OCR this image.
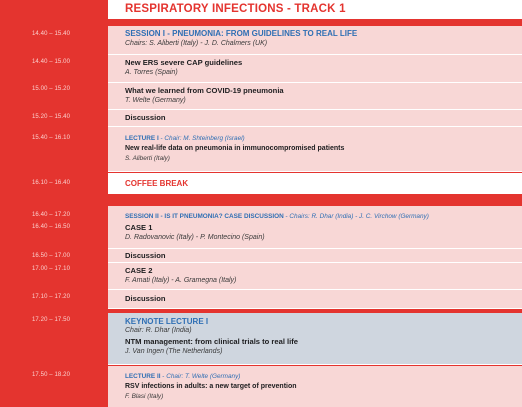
14.40 – 15.40
14.40 – 15.00
15.00 – 15.20
15.20 – 15.40
15.40 – 16.10
16.10 – 16.40
16.40 – 17.20
16.40 – 16.50
16.50 – 17.00
17.00 – 17.10
17.10 – 17.20
17.20 – 17.50
17.50 – 18.20
RESPIRATORY INFECTIONS - TRACK 1
SESSION I - PNEUMONIA: FROM GUIDELINES TO REAL LIFE
Chairs: S. Aliberti (Italy) - J. D. Chalmers (UK)
New ERS severe CAP guidelines
A. Torres (Spain)
What we learned from COVID-19 pneumonia
T. Welte (Germany)
Discussion
LECTURE I - Chair: M. Shteinberg (Israel)
New real-life data on pneumonia in immunocompromised patients
S. Aliberti (Italy)
COFFEE BREAK
SESSION II - IS IT PNEUMONIA? CASE DISCUSSION - Chairs: R. Dhar (India) - J. C. Virchow (Germany)
CASE 1
D. Radovanovic (Italy) - P. Montecino (Spain)
Discussion
CASE 2
F. Amati (Italy) - A. Gramegna (Italy)
Discussion
KEYNOTE LECTURE I
Chair: R. Dhar (India)
NTM management: from clinical trials to real life
J. Van Ingen (The Netherlands)
LECTURE II - Chair: T. Welte (Germany)
RSV infections in adults: a new target of prevention
F. Blasi (Italy)
